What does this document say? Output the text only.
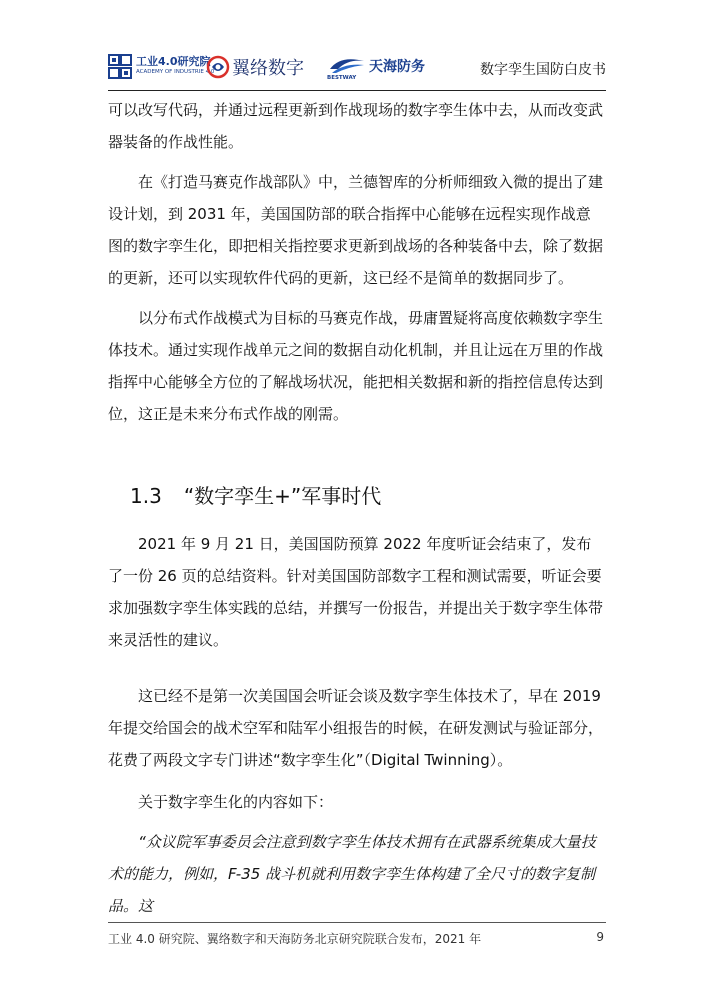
工业4.0研究院
ACADEMY OF INDUSTRIE 4.0 翼络数字	BESTWAY
天海防务	数字孪生国防白皮书

可以改写代码，并通过远程更新到作战现场的数字孪生体中去，从而改变武器装备的作战性能。

在《打造马赛克作战部队》中，兰德智库的分析师细致入微的提出了建设计划，到 2031 年，美国国防部的联合指挥中心能够在远程实现作战意图的数字孪生化，即把相关指控要求更新到战场的各种装备中去，除了数据的更新，还可以实现软件代码的更新，这已经不是简单的数据同步了。

以分布式作战模式为目标的马赛克作战，毋庸置疑将高度依赖数字孪生体技术。通过实现作战单元之间的数据自动化机制，并且让远在万里的作战指挥中心能够全方位的了解战场状况，能把相关数据和新的指控信息传达到位，这正是未来分布式作战的刚需。

1.3 “数字孪生+”军事时代

2021 年 9 月 21 日，美国国防预算 2022 年度听证会结束了，发布了一份 26 页的总结资料。针对美国国防部数字工程和测试需要，听证会要求加强数字孪生体实践的总结，并撰写一份报告，并提出关于数字孪生体带来灵活性的建议。

这已经不是第一次美国国会听证会谈及数字孪生体技术了，早在 2019 年提交给国会的战术空军和陆军小组报告的时候，在研发测试与验证部分，花费了两段文字专门讲述“数字孪生化”（Digital Twinning）。

关于数字孪生化的内容如下：

“众议院军事委员会注意到数字孪生体技术拥有在武器系统集成大量技术的能力，例如，F-35 战斗机就利用数字孪生体构建了全尺寸的数字复制品。这

工业 4.0 研究院、翼络数字和天海防务北京研究院联合发布，2021 年	9
